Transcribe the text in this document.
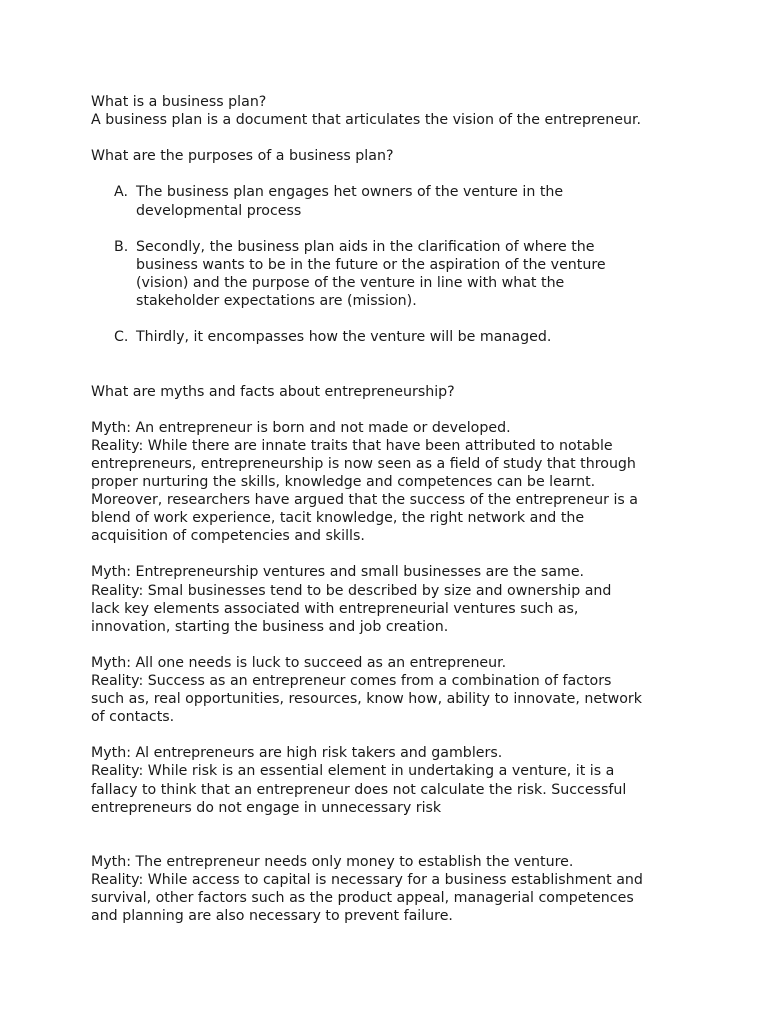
What is a business plan?
A business plan is a document that articulates the vision of the entrepreneur.
What are the purposes of a business plan?
A. The business plan engages het owners of the venture in the
developmental process
B. Secondly, the business plan aids in the clarification of where the
business wants to be in the future or the aspiration of the venture
(vision) and the purpose of the venture in line with what the
stakeholder expectations are (mission).
C. Thirdly, it encompasses how the venture will be managed.
What are myths and facts about entrepreneurship?
Myth: An entrepreneur is born and not made or developed.
Reality: While there are innate traits that have been attributed to notable
entrepreneurs, entrepreneurship is now seen as a field of study that through
proper nurturing the skills, knowledge and competences can be learnt.
Moreover, researchers have argued that the success of the entrepreneur is a
blend of work experience, tacit knowledge, the right network and the
acquisition of competencies and skills.
Myth: Entrepreneurship ventures and small businesses are the same.
Reality: Smal businesses tend to be described by size and ownership and
lack key elements associated with entrepreneurial ventures such as,
innovation, starting the business and job creation.
Myth: All one needs is luck to succeed as an entrepreneur.
Reality: Success as an entrepreneur comes from a combination of factors
such as, real opportunities, resources, know how, ability to innovate, network
of contacts.
Myth: Al entrepreneurs are high risk takers and gamblers.
Reality: While risk is an essential element in undertaking a venture, it is a
fallacy to think that an entrepreneur does not calculate the risk. Successful
entrepreneurs do not engage in unnecessary risk
Myth: The entrepreneur needs only money to establish the venture.
Reality: While access to capital is necessary for a business establishment and
survival, other factors such as the product appeal, managerial competences
and planning are also necessary to prevent failure.
